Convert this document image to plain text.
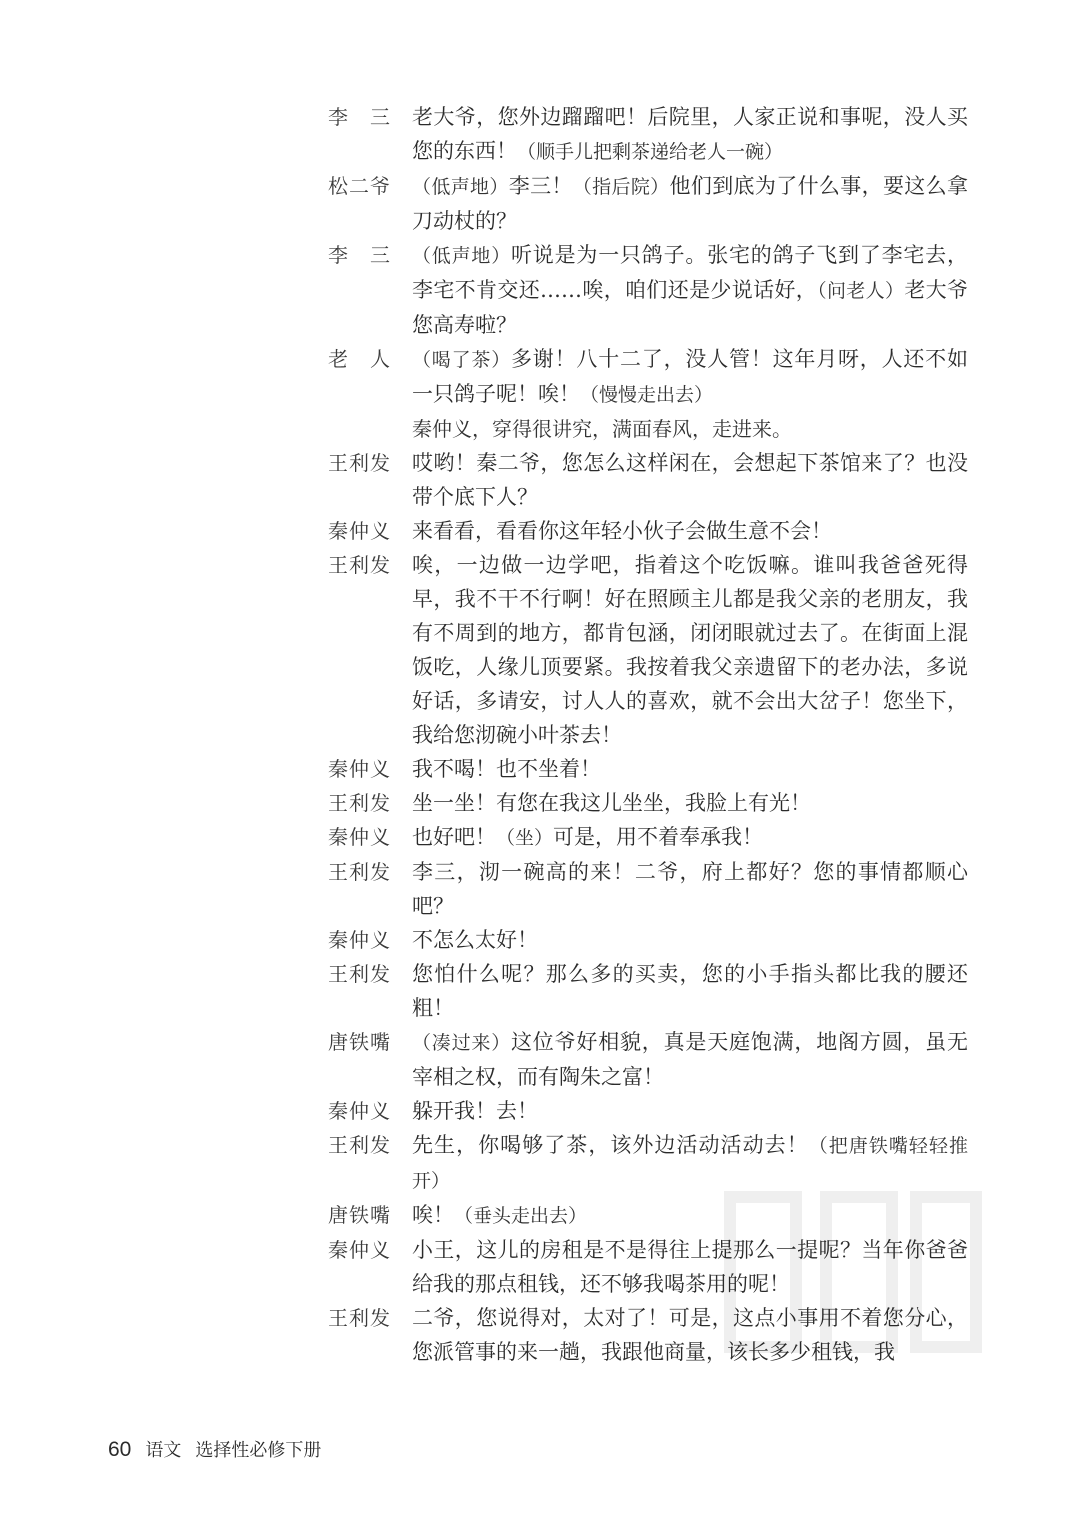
李　三	老大爷，您外边蹓蹓吧！后院里，人家正说和事呢，没人买您的东西！（顺手儿把剩茶递给老人一碗）
松二爷	（低声地）李三！（指后院）他们到底为了什么事，要这么拿刀动杖的？
李　三	（低声地）听说是为一只鸽子。张宅的鸽子飞到了李宅去，李宅不肯交还……唉，咱们还是少说话好，（问老人）老大爷您高寿啦？
老　人	（喝了茶）多谢！八十二了，没人管！这年月呀，人还不如一只鸽子呢！唉！（慢慢走出去）
秦仲义，穿得很讲究，满面春风，走进来。
王利发	哎哟！秦二爷，您怎么这样闲在，会想起下茶馆来了？也没带个底下人？
秦仲义	来看看，看看你这年轻小伙子会做生意不会！
王利发	唉，一边做一边学吧，指着这个吃饭嘛。谁叫我爸爸死得早，我不干不行啊！好在照顾主儿都是我父亲的老朋友，我有不周到的地方，都肯包涵，闭闭眼就过去了。在街面上混饭吃，人缘儿顶要紧。我按着我父亲遗留下的老办法，多说好话，多请安，讨人人的喜欢，就不会出大岔子！您坐下，我给您沏碗小叶茶去！
秦仲义	我不喝！也不坐着！
王利发	坐一坐！有您在我这儿坐坐，我脸上有光！
秦仲义	也好吧！（坐）可是，用不着奉承我！
王利发	李三，沏一碗高的来！二爷，府上都好？您的事情都顺心吧？
秦仲义	不怎么太好！
王利发	您怕什么呢？那么多的买卖，您的小手指头都比我的腰还粗！
唐铁嘴	（凑过来）这位爷好相貌，真是天庭饱满，地阁方圆，虽无宰相之权，而有陶朱之富！
秦仲义	躲开我！去！
王利发	先生，你喝够了茶，该外边活动活动去！（把唐铁嘴轻轻推开）
唐铁嘴	唉！（垂头走出去）
秦仲义	小王，这儿的房租是不是得往上提那么一提呢？当年你爸爸给我的那点租钱，还不够我喝茶用的呢！
王利发	二爷，您说得对，太对了！可是，这点小事用不着您分心，您派管事的来一趟，我跟他商量，该长多少租钱，我
60 语文 选择性必修下册
